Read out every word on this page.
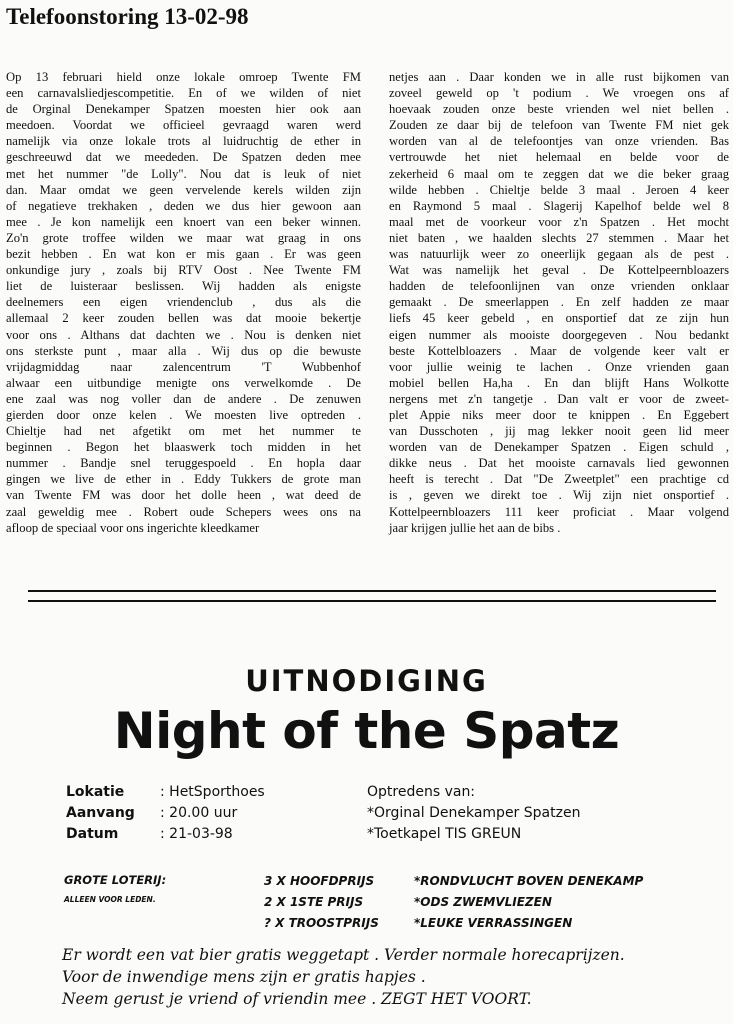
Telefoonstoring 13-02-98
Op 13 februari hield onze lokale omroep Twente FM
een carnavalsliedjescompetitie. En of we wilden of niet
de Orginal Denekamper Spatzen moesten hier ook aan
meedoen. Voordat we officieel gevraagd waren werd
namelijk via onze lokale trots al luidruchtig de ether in
geschreeuwd dat we meededen. De Spatzen deden mee
met het nummer "de Lolly". Nou dat is leuk of niet
dan. Maar omdat we geen vervelende kerels wilden zijn
of negatieve trekhaken , deden we dus hier gewoon aan
mee . Je kon namelijk een knoert van een beker winnen.
Zo'n grote troffee wilden we maar wat graag in ons
bezit hebben . En wat kon er mis gaan . Er was geen
onkundige jury , zoals bij RTV Oost . Nee Twente FM
liet de luisteraar beslissen. Wij hadden als enigste
deelnemers een eigen vriendenclub , dus als die
allemaal 2 keer zouden bellen was dat mooie bekertje
voor ons . Althans dat dachten we . Nou is denken niet
ons sterkste punt , maar alla . Wij dus op die bewuste
vrijdagmiddag naar zalencentrum 'T Wubbenhof
alwaar een uitbundige menigte ons verwelkomde . De
ene zaal was nog voller dan de andere . De zenuwen
gierden door onze kelen . We moesten live optreden .
Chieltje had net afgetikt om met het nummer te
beginnen . Begon het blaaswerk toch midden in het
nummer . Bandje snel teruggespoeld . En hopla daar
gingen we live de ether in . Eddy Tukkers de grote man
van Twente FM was door het dolle heen , wat deed de
zaal geweldig mee . Robert oude Schepers wees ons na
afloop de speciaal voor ons ingerichte kleedkamer
netjes aan . Daar konden we in alle rust bijkomen van
zoveel geweld op 't podium . We vroegen ons af
hoevaak zouden onze beste vrienden wel niet bellen .
Zouden ze daar bij de telefoon van Twente FM niet gek
worden van al de telefoontjes van onze vrienden. Bas
vertrouwde het niet helemaal en belde voor de
zekerheid 6 maal om te zeggen dat we die beker graag
wilde hebben . Chieltje belde 3 maal . Jeroen 4 keer
en Raymond 5 maal . Slagerij Kapelhof belde wel 8
maal met de voorkeur voor z'n Spatzen . Het mocht
niet baten , we haalden slechts 27 stemmen . Maar het
was natuurlijk weer zo oneerlijk gegaan als de pest .
Wat was namelijk het geval . De Kottelpeernbloazers
hadden de telefoonlijnen van onze vrienden onklaar
gemaakt . De smeerlappen . En zelf hadden ze maar
liefs 45 keer gebeld , en onsportief dat ze zijn hun
eigen nummer als mooiste doorgegeven . Nou bedankt
beste Kottelbloazers . Maar de volgende keer valt er
voor jullie weinig te lachen . Onze vrienden gaan
mobiel bellen Ha,ha . En dan blijft Hans Wolkotte
nergens met z'n tangetje . Dan valt er voor de zweet-
plet Appie niks meer door te knippen . En Eggebert
van Dusschoten , jij mag lekker nooit geen lid meer
worden van de Denekamper Spatzen . Eigen schuld ,
dikke neus . Dat het mooiste carnavals lied gewonnen
heeft is terecht . Dat "De Zweetplet" een prachtige cd
is , geven we direkt toe . Wij zijn niet onsportief .
Kottelpeernbloazers 111 keer proficiat . Maar volgend
jaar krijgen jullie het aan de bibs .
UITNODIGING
Night of the Spatz
Lokatie
Aanvang
Datum
: HetSporthoes
: 20.00 uur
: 21-03-98
Optredens van:
*Orginal Denekamper Spatzen
*Toetkapel TIS GREUN
GROTE LOTERIJ:
ALLEEN VOOR LEDEN.
3 X HOOFDPRIJS
2 X 1STE PRIJS
? X TROOSTPRIJS
*RONDVLUCHT BOVEN DENEKAMP
*ODS ZWEMVLIEZEN
*LEUKE VERRASSINGEN
Er wordt een vat bier gratis weggetapt . Verder normale horecaprijzen.
Voor de inwendige mens zijn er gratis hapjes .
Neem gerust je vriend of vriendin mee . ZEGT HET VOORT.
